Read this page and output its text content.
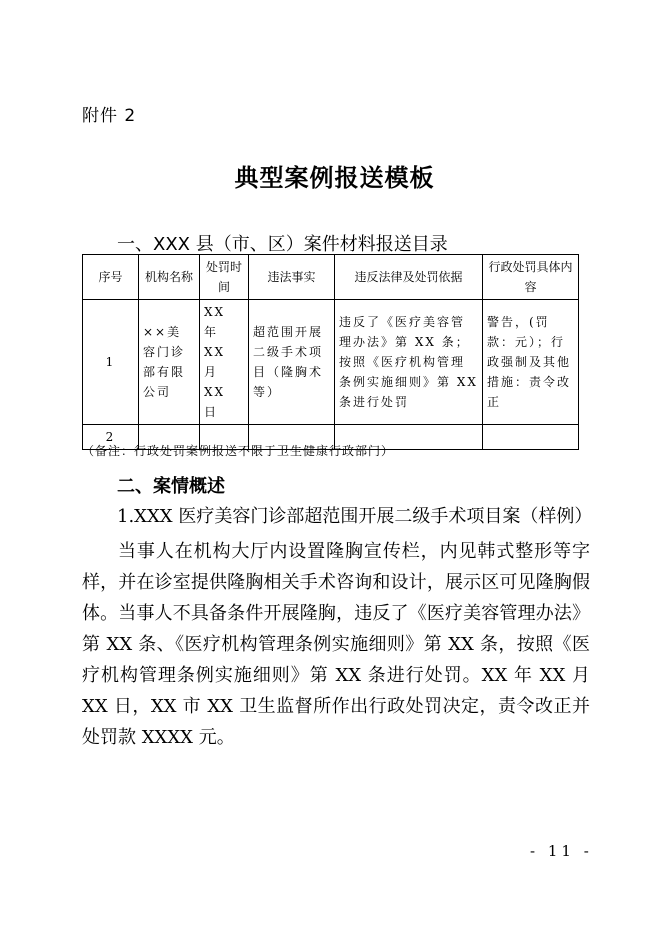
附件 2
典型案例报送模板
一、XXX 县（市、区）案件材料报送目录
序号	机构名称	处罚时间	违法事实	违反法律及处罚依据	行政处罚具体内容
1	××美容门诊部有限公司	XX 年 XX 月 XX 日	超范围开展二级手术项目（隆胸术等）	违反了《医疗美容管理办法》第 XX 条；按照《医疗机构管理条例实施细则》第 XX 条进行处罚	警告，(罚款：元）；行政强制及其他措施：责令改正
2					
（备注：行政处罚案例报送不限于卫生健康行政部门）
二、案情概述
1.XXX 医疗美容门诊部超范围开展二级手术项目案（样例）

当事人在机构大厅内设置隆胸宣传栏，内见韩式整形等字样，并在诊室提供隆胸相关手术咨询和设计，展示区可见隆胸假体。当事人不具备条件开展隆胸，违反了《医疗美容管理办法》第 XX 条、《医疗机构管理条例实施细则》第 XX 条，按照《医疗机构管理条例实施细则》第 XX 条进行处罚。XX 年 XX 月 XX 日，XX 市 XX 卫生监督所作出行政处罚决定，责令改正并处罚款 XXXX 元。

- 11 -
